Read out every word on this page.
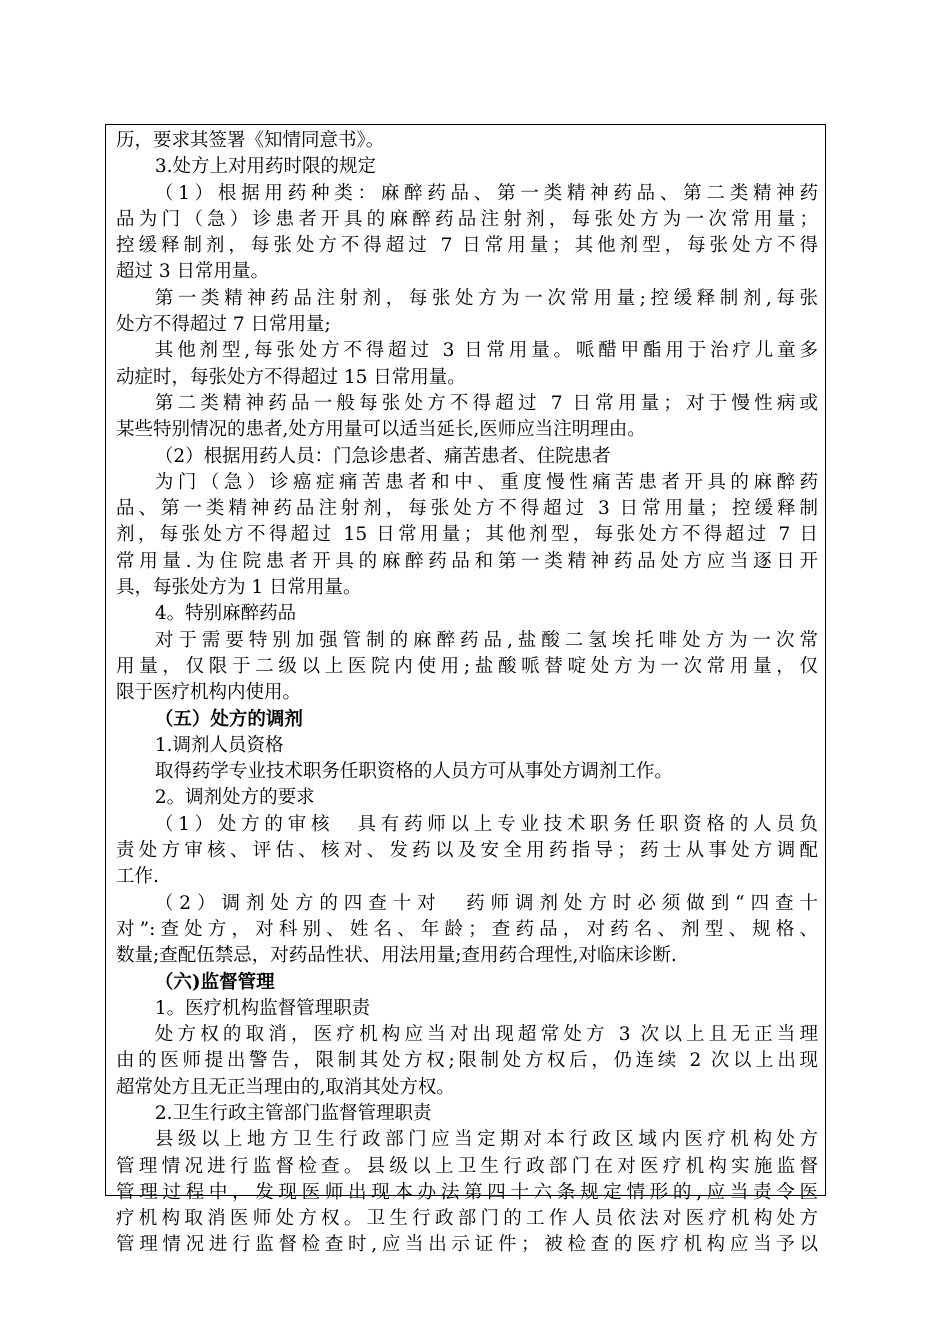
历，要求其签署《知情同意书》。
3.处方上对用药时限的规定
（1）根据用药种类：麻醉药品、第一类精神药品、第二类精神药
品为门（急）诊患者开具的麻醉药品注射剂，每张处方为一次常用量；
控缓释制剂，每张处方不得超过 7 日常用量；其他剂型，每张处方不得
超过 3 日常用量。
第一类精神药品注射剂，每张处方为一次常用量;控缓释制剂,每张
处方不得超过 7 日常用量;
其他剂型,每张处方不得超过 3 日常用量。哌醋甲酯用于治疗儿童多
动症时，每张处方不得超过 15 日常用量。
第二类精神药品一般每张处方不得超过 7 日常用量；对于慢性病或
某些特别情况的患者,处方用量可以适当延长,医师应当注明理由。
（2）根据用药人员：门急诊患者、痛苦患者、住院患者
为门（急）诊癌症痛苦患者和中、重度慢性痛苦患者开具的麻醉药
品、第一类精神药品注射剂，每张处方不得超过 3 日常用量；控缓释制
剂，每张处方不得超过 15 日常用量；其他剂型，每张处方不得超过 7 日
常用量.为住院患者开具的麻醉药品和第一类精神药品处方应当逐日开
具，每张处方为 1 日常用量。
4。特别麻醉药品
对于需要特别加强管制的麻醉药品,盐酸二氢埃托啡处方为一次常
用量，仅限于二级以上医院内使用;盐酸哌替啶处方为一次常用量，仅
限于医疗机构内使用。
（五）处方的调剂
1.调剂人员资格
取得药学专业技术职务任职资格的人员方可从事处方调剂工作。
2。调剂处方的要求
（1）处方的审核　具有药师以上专业技术职务任职资格的人员负
责处方审核、评估、核对、发药以及安全用药指导；药士从事处方调配
工作.
（2）调剂处方的四查十对　药师调剂处方时必须做到“四查十
对”:查处方，对科别、姓名、年龄；查药品，对药名、剂型、规格、
数量;查配伍禁忌，对药品性状、用法用量;查用药合理性,对临床诊断.
（六)监督管理
1。医疗机构监督管理职责
处方权的取消，医疗机构应当对出现超常处方 3 次以上且无正当理
由的医师提出警告，限制其处方权;限制处方权后，仍连续 2 次以上出现
超常处方且无正当理由的,取消其处方权。
2.卫生行政主管部门监督管理职责
县级以上地方卫生行政部门应当定期对本行政区域内医疗机构处方
管理情况进行监督检查。县级以上卫生行政部门在对医疗机构实施监督
管理过程中，发现医师出现本办法第四十六条规定情形的,应当责令医
疗机构取消医师处方权。卫生行政部门的工作人员依法对医疗机构处方
管理情况进行监督检查时,应当出示证件；被检查的医疗机构应当予以
